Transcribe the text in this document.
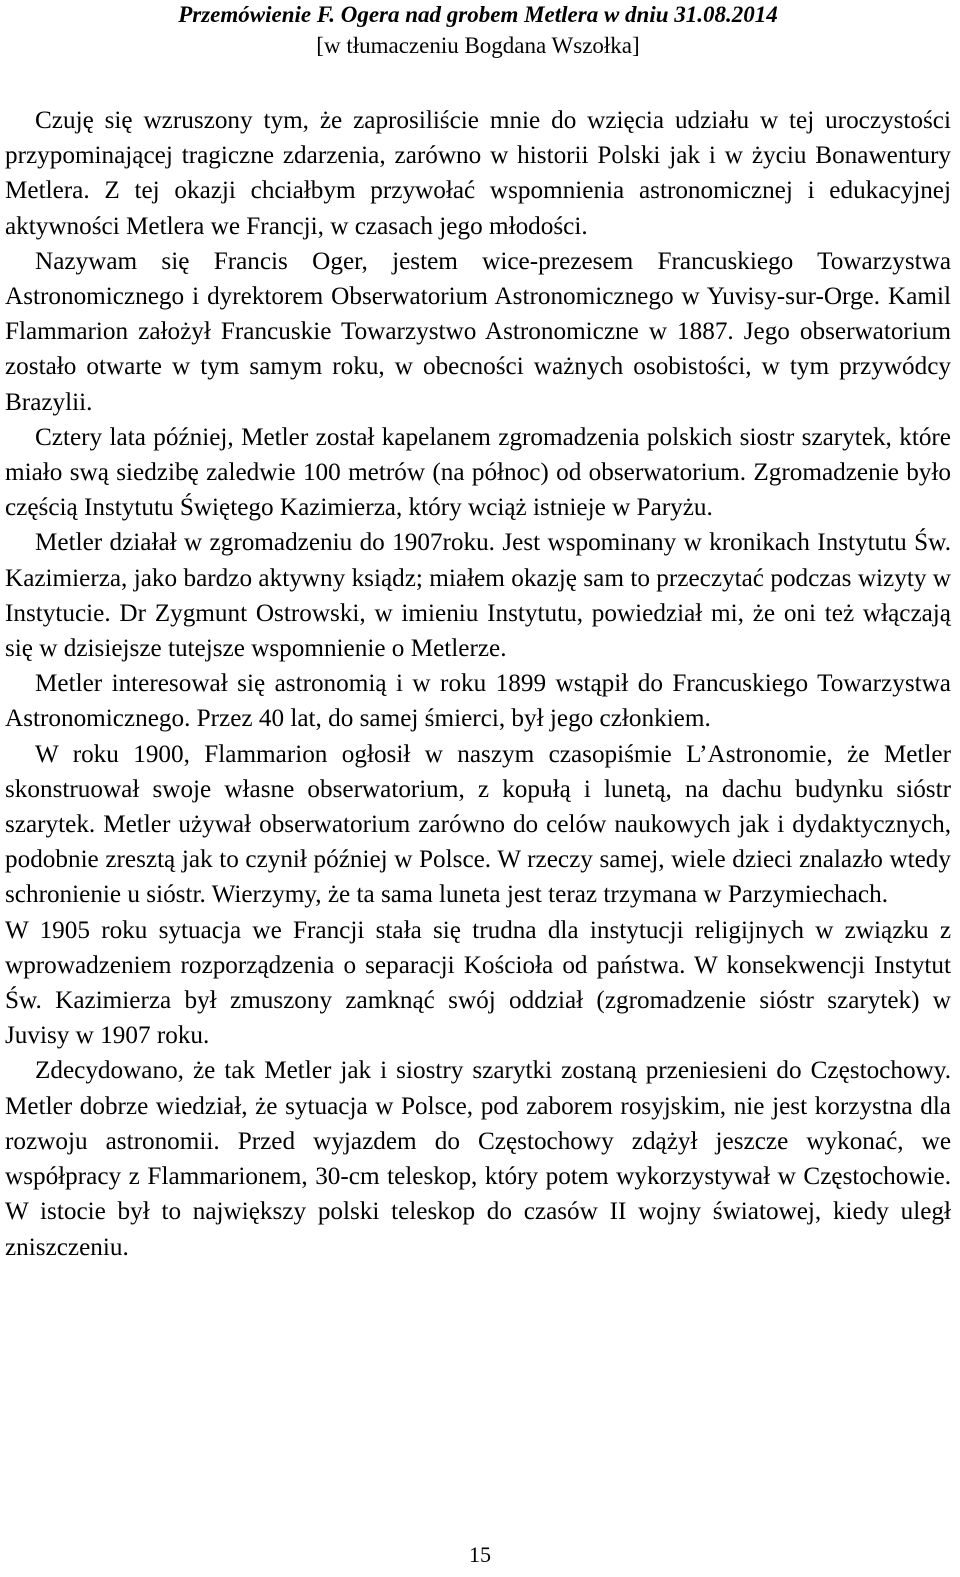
Przemówienie F. Ogera nad grobem Metlera w dniu 31.08.2014
[w tłumaczeniu Bogdana Wszołka]

Czuję się wzruszony tym, że zaprosiliście mnie do wzięcia udziału w tej uroczystości przypominającej tragiczne zdarzenia, zarówno w historii Polski jak i w życiu Bonawentury Metlera. Z tej okazji chciałbym przywołać wspomnienia astronomicznej i edukacyjnej aktywności Metlera we Francji, w czasach jego młodości.

Nazywam się Francis Oger, jestem wice-prezesem Francuskiego Towarzystwa Astronomicznego i dyrektorem Obserwatorium Astronomicznego w Yuvisy-sur-Orge. Kamil Flammarion założył Francuskie Towarzystwo Astronomiczne w 1887. Jego obserwatorium zostało otwarte w tym samym roku, w obecności ważnych osobistości, w tym przywódcy Brazylii.

Cztery lata później, Metler został kapelanem zgromadzenia polskich siostr szarytek, które miało swą siedzibę zaledwie 100 metrów (na północ) od obserwatorium. Zgromadzenie było częścią Instytutu Świętego Kazimierza, który wciąż istnieje w Paryżu.

Metler działał w zgromadzeniu do 1907roku. Jest wspominany w kronikach Instytutu Św. Kazimierza, jako bardzo aktywny ksiądz; miałem okazję sam to przeczytać podczas wizyty w Instytucie. Dr Zygmunt Ostrowski, w imieniu Instytutu, powiedział mi, że oni też włączają się w dzisiejsze tutejsze wspomnienie o Metlerze.

Metler interesował się astronomią i w roku 1899 wstąpił do Francuskiego Towarzystwa Astronomicznego. Przez 40 lat, do samej śmierci, był jego członkiem.

W roku 1900, Flammarion ogłosił w naszym czasopiśmie L’Astronomie, że Metler skonstruował swoje własne obserwatorium, z kopułą i lunetą, na dachu budynku sióstr szarytek. Metler używał obserwatorium zarówno do celów naukowych jak i dydaktycznych, podobnie zresztą jak to czynił później w Polsce. W rzeczy samej, wiele dzieci znalazło wtedy schronienie u sióstr. Wierzymy, że ta sama luneta jest teraz trzymana w Parzymiechach.

W 1905 roku sytuacja we Francji stała się trudna dla instytucji religijnych w związku z wprowadzeniem rozporządzenia o separacji Kościoła od państwa. W konsekwencji Instytut Św. Kazimierza był zmuszony zamknąć swój oddział (zgromadzenie sióstr szarytek) w Juvisy w 1907 roku.

Zdecydowano, że tak Metler jak i siostry szarytki zostaną przeniesieni do Częstochowy. Metler dobrze wiedział, że sytuacja w Polsce, pod zaborem rosyjskim, nie jest korzystna dla rozwoju astronomii. Przed wyjazdem do Częstochowy zdążył jeszcze wykonać, we współpracy z Flammarionem, 30-cm teleskop, który potem wykorzystywał w Częstochowie. W istocie był to największy polski teleskop do czasów II wojny światowej, kiedy uległ zniszczeniu.

15
